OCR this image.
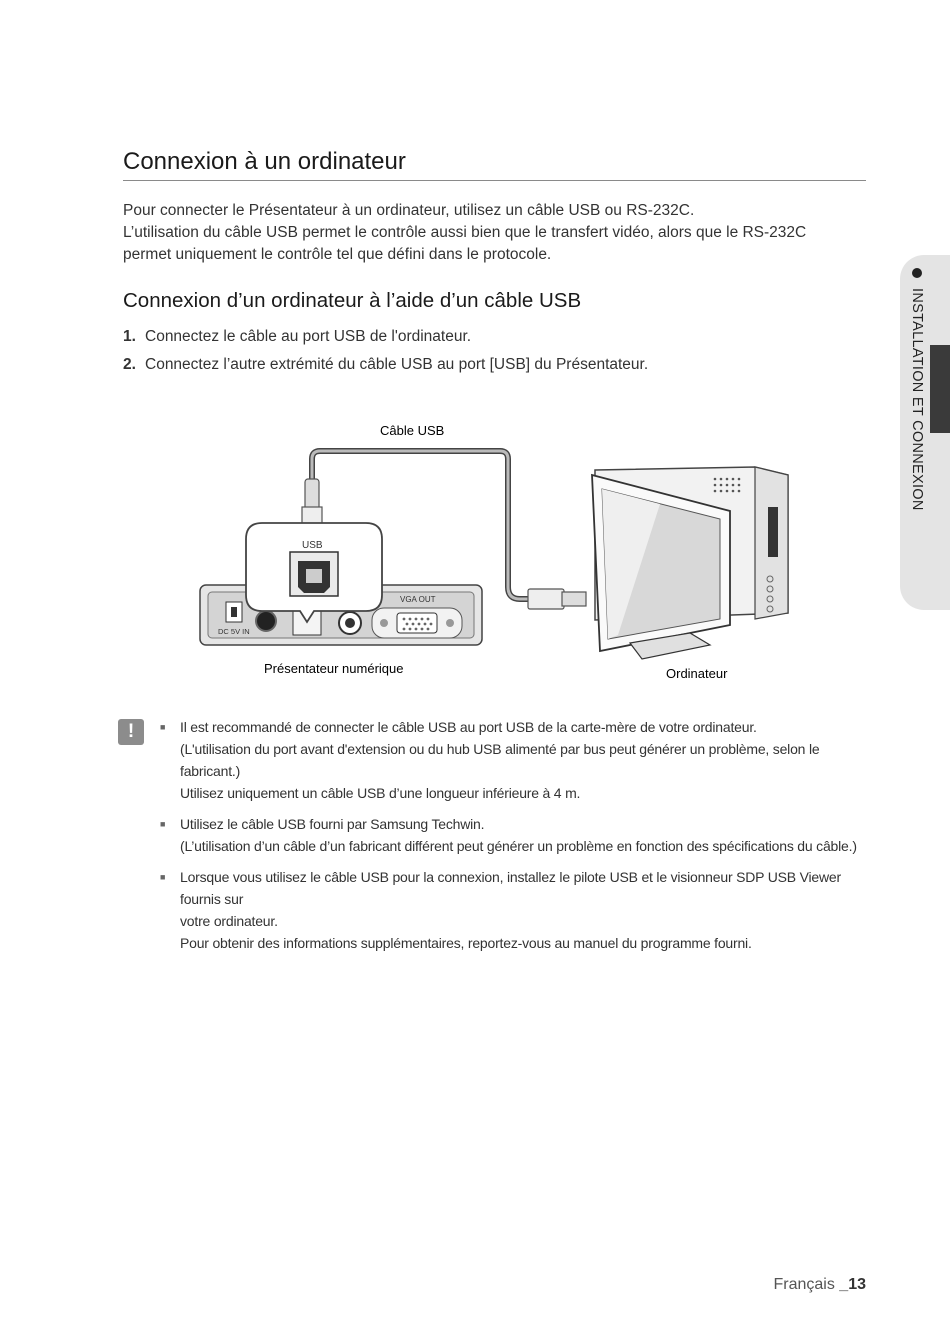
Connexion à un ordinateur

Pour connecter le Présentateur à un ordinateur, utilisez un câble USB ou RS-232C.

L’utilisation du câble USB permet le contrôle aussi bien que le transfert vidéo, alors que le RS-232C

permet uniquement le contrôle tel que défini dans le protocole.

Connexion d’un ordinateur à l’aide d’un câble USB
1. Connectez le câble au port USB de l'ordinateur.
2. Connectez l’autre extrémité du câble USB au port [USB] du Présentateur.
VGA OUT
DC 5V IN
USB
Câble USB
Présentateur numérique	Ordinateur
!	■	Il est recommandé de connecter le câble USB au port USB de la carte-mère de votre ordinateur.
(L'utilisation du port avant d'extension ou du hub USB alimenté par bus peut générer un problème, selon le fabricant.)
Utilisez uniquement un câble USB d’une longueur inférieure à 4 m.
■	Utilisez le câble USB fourni par Samsung Techwin.
(L’utilisation d’un câble d’un fabricant différent peut générer un problème en fonction des spécifications du câble.)
■	Lorsque vous utilisez le câble USB pour la connexion, installez le pilote USB et le visionneur SDP USB Viewer fournis sur
votre ordinateur.
Pour obtenir des informations supplémentaires, reportez-vous au manuel du programme fourni.
INSTALLATION ET CONNEXION
Français _13
